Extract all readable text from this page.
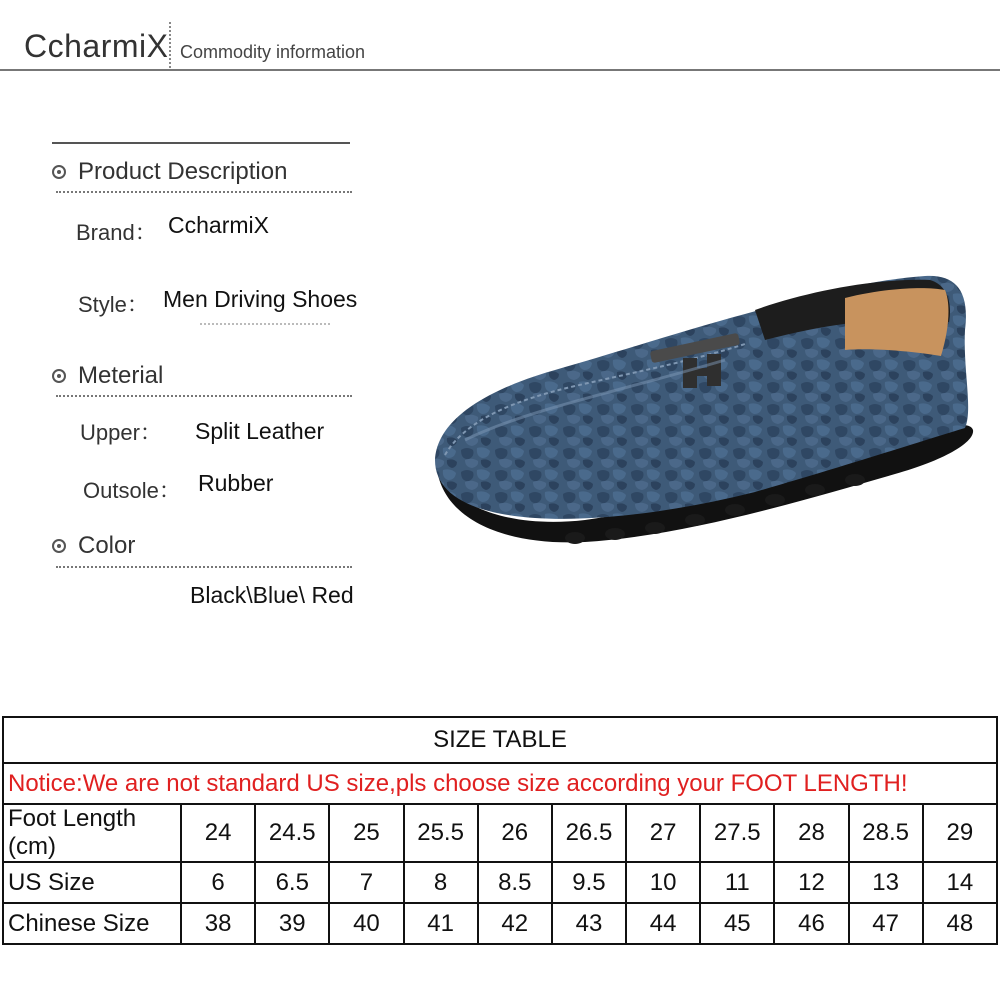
CcharmiX Commodity information
Product Description
Brand： CcharmiX
Style： Men Driving Shoes
Meterial
Upper： Split Leather
Outsole： Rubber
Color
Black\Blue\ Red
SIZE TABLE											
Notice:We are not standard US size,pls choose size according your FOOT LENGTH!											
Foot Length (cm)	24	24.5	25	25.5	26	26.5	27	27.5	28	28.5	29
US Size	6	6.5	7	8	8.5	9.5	10	11	12	13	14
Chinese Size	38	39	40	41	42	43	44	45	46	47	48
